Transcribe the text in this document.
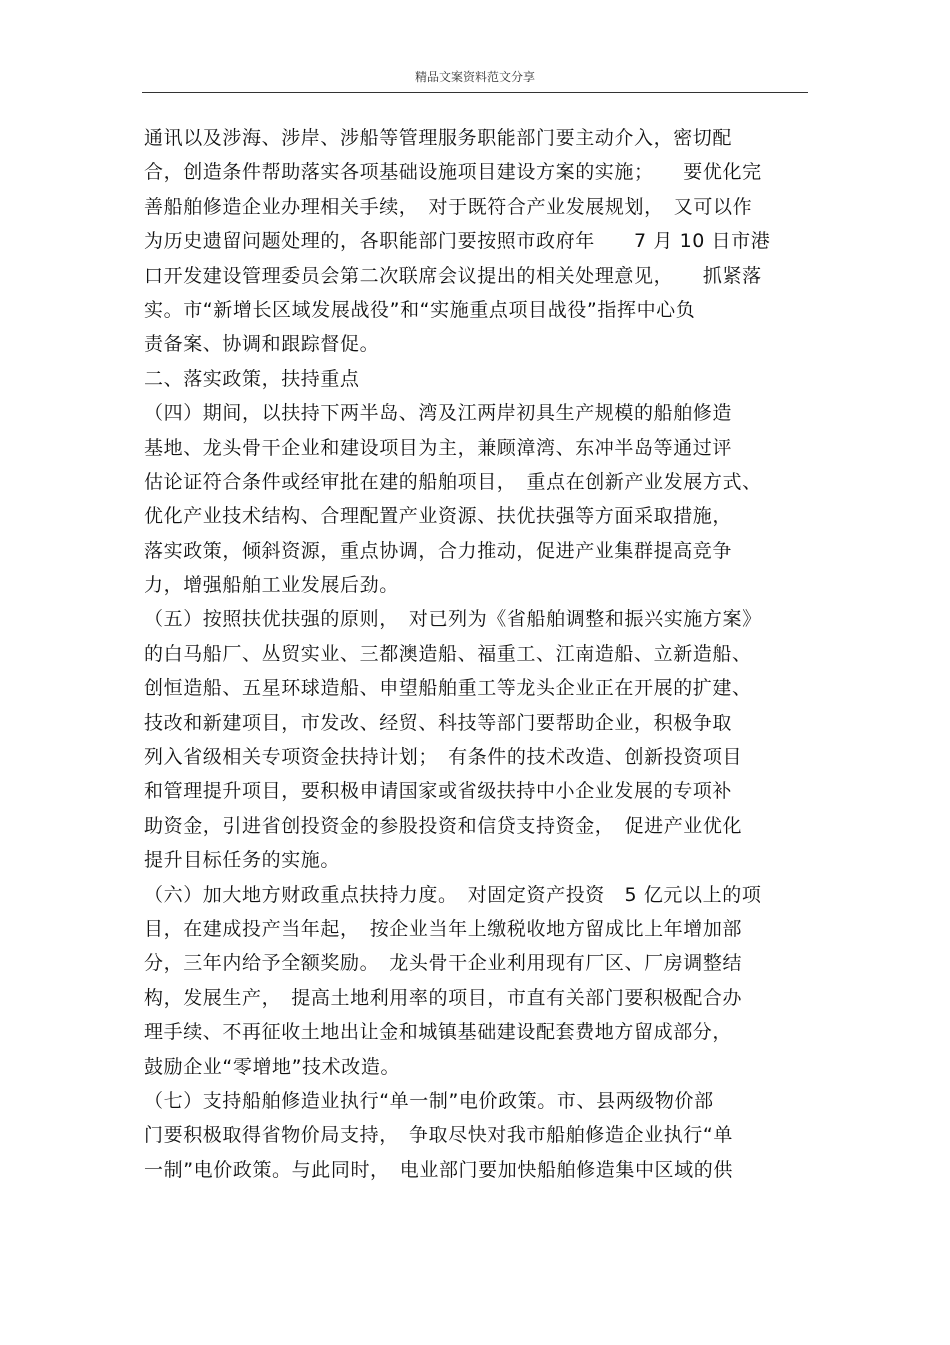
精品文案资料范文分享
通讯以及涉海、涉岸、涉船等管理服务职能部门要主动介入，密切配
合，创造条件帮助落实各项基础设施项目建设方案的实施；　　要优化完
善船舶修造企业办理相关手续，　对于既符合产业发展规划，　又可以作
为历史遗留问题处理的，各职能部门要按照市政府年　　7 月 10 日市港
口开发建设管理委员会第二次联席会议提出的相关处理意见，　　抓紧落
实。市“新增长区域发展战役”和“实施重点项目战役”指挥中心负
责备案、协调和跟踪督促。
二、落实政策，扶持重点
（四）期间，以扶持下两半岛、湾及江两岸初具生产规模的船舶修造
基地、龙头骨干企业和建设项目为主，兼顾漳湾、东冲半岛等通过评
估论证符合条件或经审批在建的船舶项目，　重点在创新产业发展方式、
优化产业技术结构、合理配置产业资源、扶优扶强等方面采取措施，
落实政策，倾斜资源，重点协调，合力推动，促进产业集群提高竞争
力，增强船舶工业发展后劲。
（五）按照扶优扶强的原则，　对已列为《省船舶调整和振兴实施方案》
的白马船厂、丛贸实业、三都澳造船、福重工、江南造船、立新造船、
创恒造船、五星环球造船、申望船舶重工等龙头企业正在开展的扩建、
技改和新建项目，市发改、经贸、科技等部门要帮助企业，积极争取
列入省级相关专项资金扶持计划；　有条件的技术改造、创新投资项目
和管理提升项目，要积极申请国家或省级扶持中小企业发展的专项补
助资金，引进省创投资金的参股投资和信贷支持资金，　促进产业优化
提升目标任务的实施。
（六）加大地方财政重点扶持力度。　对固定资产投资　5 亿元以上的项
目，在建成投产当年起，　按企业当年上缴税收地方留成比上年增加部
分，三年内给予全额奖励。　龙头骨干企业利用现有厂区、厂房调整结
构，发展生产，　提高土地利用率的项目，市直有关部门要积极配合办
理手续、不再征收土地出让金和城镇基础建设配套费地方留成部分，
鼓励企业“零增地”技术改造。
（七）支持船舶修造业执行“单一制”电价政策。市、县两级物价部
门要积极取得省物价局支持，　争取尽快对我市船舶修造企业执行“单
一制”电价政策。与此同时，　电业部门要加快船舶修造集中区域的供
